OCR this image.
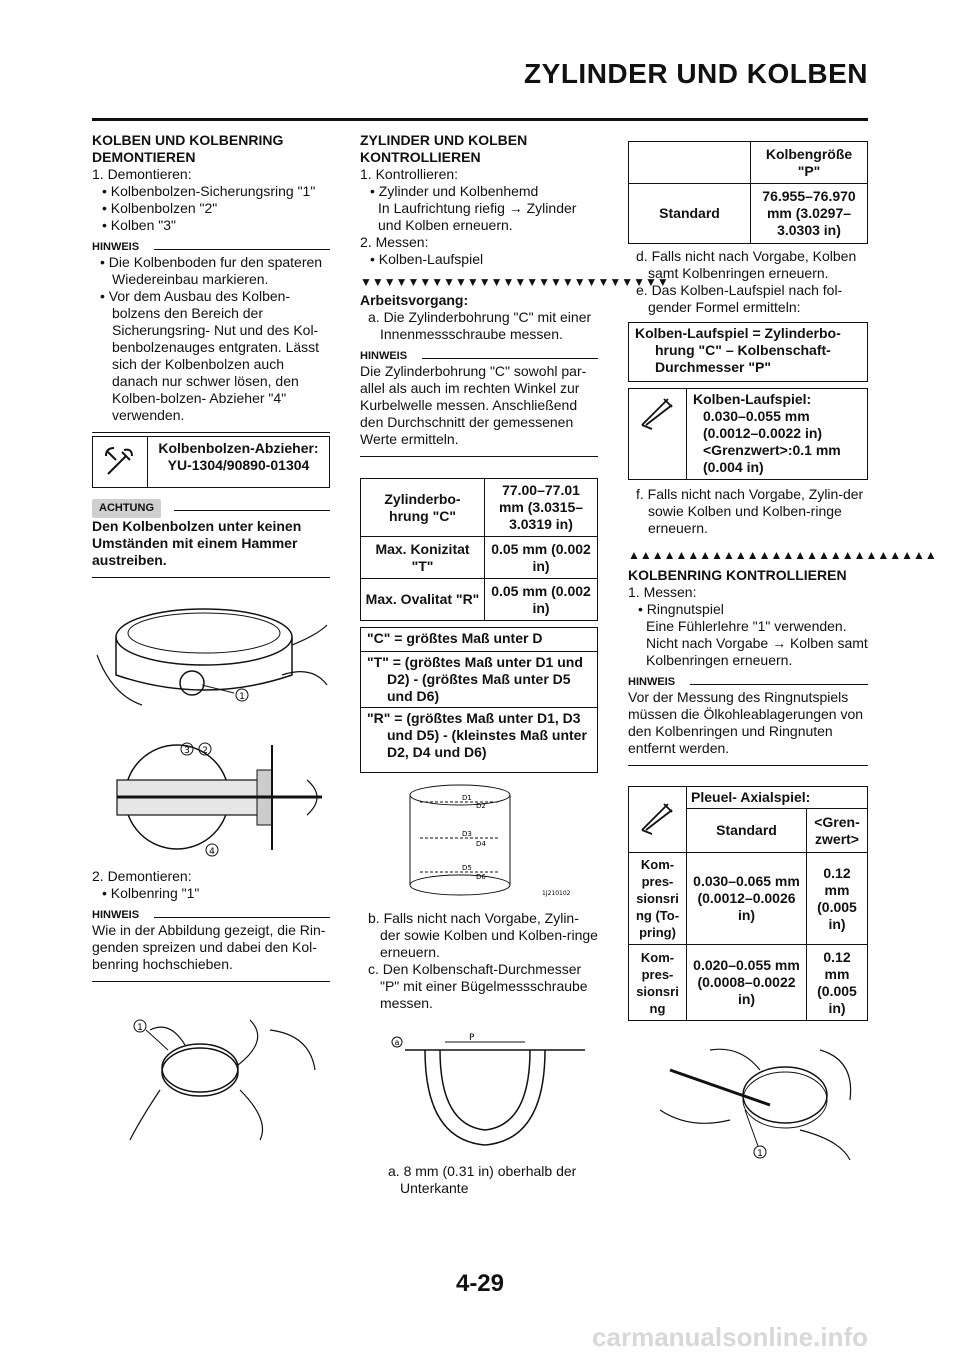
ZYLINDER UND KOLBEN
KOLBEN UND KOLBENRING DEMONTIEREN
1. Demontieren:
• Kolbenbolzen-Sicherungsring "1"
• Kolbenbolzen "2"
• Kolben "3"
HINWEIS
• Die Kolbenboden fur den spateren Wiedereinbau markieren.
• Vor dem Ausbau des Kolben-bolzens den Bereich der Sicherungsring- Nut und des Kol-benbolzenauges entgraten. Lässt sich der Kolbenbolzen auch danach nur schwer lösen, den Kolben-bolzen- Abzieher "4" verwenden.
Kolbenbolzen-Abzieher:
YU-1304/90890-01304
ACHTUNG
Den Kolbenbolzen unter keinen Umständen mit einem Hammer austreiben.
1
3 2
4
2. Demontieren:
• Kolbenring "1"
HINWEIS
Wie in der Abbildung gezeigt, die Rin-genden spreizen und dabei den Kol-benring hochschieben.
1
ZYLINDER UND KOLBEN KONTROLLIEREN
1. Kontrollieren:
• Zylinder und Kolbenhemd
In Laufrichtung riefig → Zylinder und Kolben erneuern.
2. Messen:
• Kolben-Laufspiel
▼▼▼▼▼▼▼▼▼▼▼▼▼▼▼▼▼▼▼▼▼▼▼▼▼▼
Arbeitsvorgang:
a. Die Zylinderbohrung "C" mit einer Innenmessschraube messen.
HINWEIS
Die Zylinderbohrung "C" sowohl par-allel als auch im rechten Winkel zur Kurbelwelle messen. Anschließend den Durchschnitt der gemessenen Werte ermitteln.
Zylinderbo-hrung "C"	77.00–77.01 mm (3.0315–3.0319 in)
Max. Konizitat "T"	0.05 mm (0.002 in)
Max. Ovalitat "R"	0.05 mm (0.002 in)
"C" = größtes Maß unter D
"T" = (größtes Maß unter D1 und D2) - (größtes Maß unter D5 und D6)
"R" = (größtes Maß unter D1, D3 und D5) - (kleinstes Maß unter D2, D4 und D6)
D1
D2
D3
D4
D5
D6
1J210102
b. Falls nicht nach Vorgabe, Zylin-der sowie Kolben und Kolben-ringe erneuern.
c. Den Kolbenschaft-Durchmesser "P" mit einer Bügelmessschraube messen.
P
a
a. 8 mm (0.31 in) oberhalb der Unterkante
	Kolbengröße "P"
Standard	76.955–76.970 mm (3.0297–3.0303 in)
d. Falls nicht nach Vorgabe, Kolben samt Kolbenringen erneuern.
e. Das Kolben-Laufspiel nach fol-gender Formel ermitteln:
Kolben-Laufspiel = Zylinderbo-hrung "C" – Kolbenschaft-Durchmesser "P"
Kolben-Laufspiel:
0.030–0.055 mm
(0.0012–0.0022 in)
<Grenzwert>:0.1 mm
(0.004 in)
f. Falls nicht nach Vorgabe, Zylin-der sowie Kolben und Kolben-ringe erneuern.
▲▲▲▲▲▲▲▲▲▲▲▲▲▲▲▲▲▲▲▲▲▲▲▲▲▲
KOLBENRING KONTROLLIEREN
1. Messen:
• Ringnutspiel
Eine Fühlerlehre "1" verwenden. Nicht nach Vorgabe → Kolben samt Kolbenringen erneuern.
HINWEIS
Vor der Messung des Ringnutspiels müssen die Ölkohleablagerungen von den Kolbenringen und Ringnuten entfernt werden.
	Pleuel- Axialspiel:	
	Standard	<Gren-zwert>
Kom-pres-sionsri ng (To-pring)	0.030–0.065 mm (0.0012–0.0026 in)	0.12 mm (0.005 in)
Kom-pres-sionsri ng	0.020–0.055 mm (0.0008–0.0022 in)	0.12 mm (0.005 in)
1
4-29
carmanualsonline.info
